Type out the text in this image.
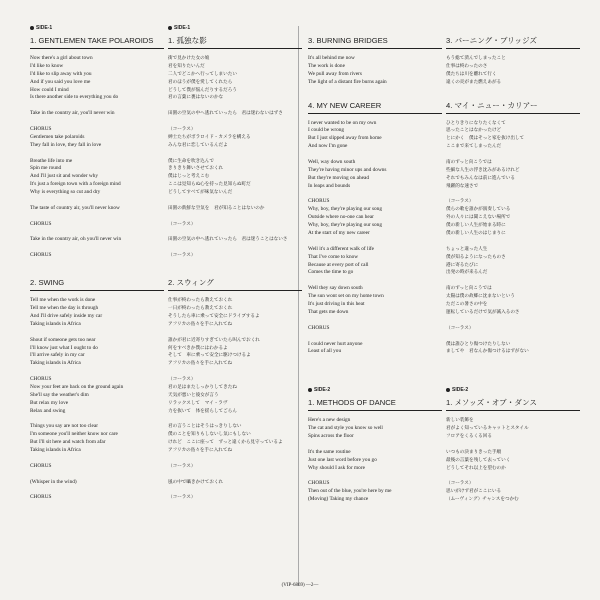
SIDE-1
1. GENTLEMEN TAKE POLAROIDS
Now there's a girl about town
I'd like to know
I'd like to slip away with you
And if you said you love me
How could I mind
Is there another side to everything you do
Take in the country air, you'll never win
CHORUS
Gentlemen take polaroids
They fall in love, they fall in love
Breathe life into me
Spin me round
And I'll just sit and wonder why
It's just a foreign town with a foreign mind
Why is everything so cut and dry
The taste of country air, you'll never know
CHORUS
Take in the country air, oh you'll never win
CHORUS
2. SWING
Tell me when the work is done
Tell me when the day is through
And I'll drive safely inside my car
Taking islands in Africa
Shout if someone gets too near
I'll know just what I ought to do
I'll arrive safely in my car
Taking islands in Africa
CHORUS
Now your feet are back on the ground again
She'll say the weather's dim
But relax my love
Relax and swing
Things you say are not too clear
I'm someone you'll neither know nor care
But I'll sit here and watch from afar
Taking islands in Africa
CHORUS
(Whisper in the wind)
CHORUS
SIDE-1
1. 孤独な影
街で見かけた女の娘
君を知りたいんだ
二人でどこかへ行ってしまいたい
君のほうが僕を愛してくれたら
どうして僕が悩んだりするだろう
君の言葉に裏はないのかな
田園の空気の中へ逃れていったら　君は迷わないはずさ
（コーラス）
紳士たちがポラロイド・カメラを構える
みんな君に恋しているんだよ
僕に生命を吹き込んで
きりきり舞いさせておくれ
僕はじっと考えこむ
ここは見知らぬ心を持った見知らぬ町だ
どうしてすべてが味気ないんだ
田園の新鮮な空気を　君が知ることはないのか
（コーラス）
田園の空気の中へ逃れていったら　君は迷うことはないさ
（コーラス）
2. スウィング
仕事が終わったら教えておくれ
一日が終わったら教えておくれ
そうしたら車に乗って安全にドライブするよ
アフリカの島々を手に入れてね
誰かが君に近寄りすぎていたら叫んでおくれ
何をすべきか僕にはわかるよ
そして　車に乗って安全に駆けつけるよ
アフリカの島々を手に入れてね
（コーラス）
君の足はまたしっかりしてきたね
天気が悪いと彼女が言う
リラックスして　マイ・ラヴ
力を抜いて　体を揺らしてごらん
君の言うことはそうはっきりしない
僕のことを知りもしないし気にもしない
けれど　ここに座って　ずっと遠くから見守っているよ
アフリカの島々を手に入れてね
（コーラス）
風の中で囁きかけておくれ
（コーラス）
3. BURNING BRIDGES
It's all behind me now
The work is done
We pull away from rivers
The light of a distant fire burns again
4. MY NEW CAREER
I never wanted to be on my own
I could be wrong
But I just slipped away from home
And now I'm gone
Well, way down south
They're having minor ups and downs
But they're moving on ahead
In leaps and bounds
CHORUS
Why, boy, they're playing our song
Outside where no-one can hear
Why, boy, they're playing our song
At the start of my new career
Well it's a different walk of life
That I've come to know
Because at every port of call
Comes the time to go
Well they say down south
The sun wont set on my home town
It's just driving in this heat
That gets me down
CHORUS
I could never hurt anyone
Least of all you
SIDE-2
1. METHODS OF DANCE
Here's a new design
The cat and style you know so well
Spins across the floor
It's the same routine
Just one last word before you go
Why should I ask for more
CHORUS
Then out of the blue, you're here by me
(Moving) Taking my chance
3. バーニング・ブリッジズ
もう総て済んでしまったこと
仕事は終わったのさ
僕たちは川を離れて行く
遠くの炎がまた燃えあがる
4. マイ・ニュー・カリアー
ひとりきりになりたくなくて
思ったことはなかったけど
とにかく　僕はそっと家を抜け出して
ここまで来てしまったんだ
南のずっと向こうでは
些細な人生の浮き沈みがあるけれど
それでもみんなは前に進んでいる
飛躍的な速さで
（コーラス）
僕らの歌を誰かが演奏している
外の人々には聞こえない場所で
僕の新しい人生が始まる時に
僕の新しい人生のはじまりに
ちょっと違った人生
僕が知るようになったものさ
港に寄るたびに
出発の時が来るんだ
南のずっと向こうでは
太陽は僕の故郷に沈まないという
ただこの暑さの中を
運転しているだけで気が滅入るのさ
（コーラス）
僕は誰ひとり傷つけたりしない
ましてや　君なんか傷つけるはずがない
SIDE-2
1. メソッズ・オブ・ダンス
新しい装飾を
君がよく知っているキャットとスタイル
フロアをくるくる回る
いつもの決まりきった手順
最後の言葉を残して去っていく
どうしてそれ以上を望むのか
（コーラス）
思いがけず君がここにいる
（ムーヴィング）チャンスをつかむ
(VIP-6869) —2—
